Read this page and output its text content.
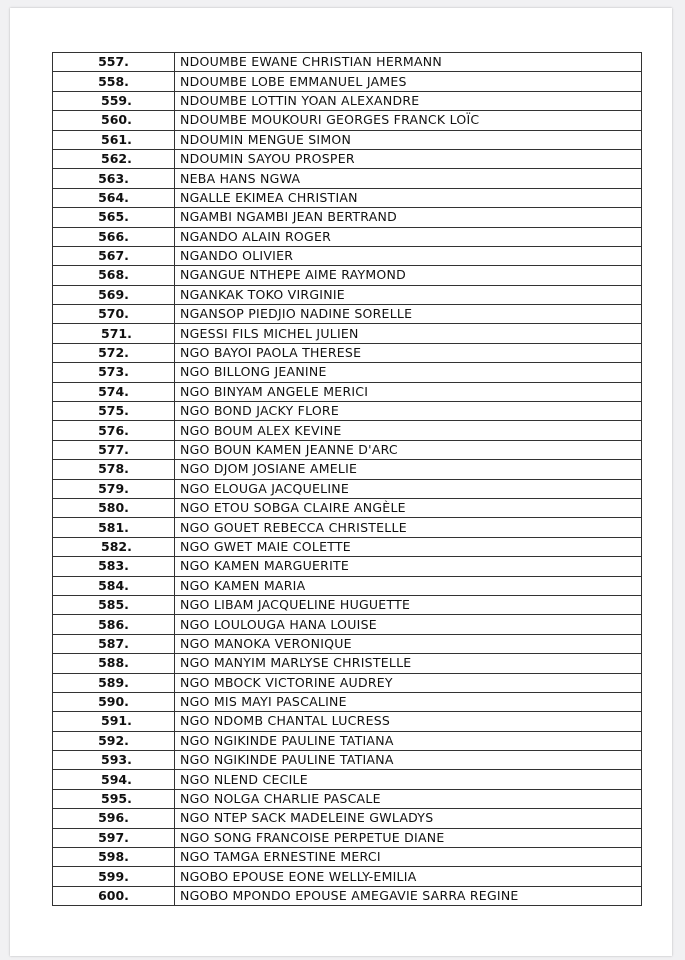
557.	NDOUMBE EWANE CHRISTIAN HERMANN
558.	NDOUMBE LOBE EMMANUEL JAMES
559.	NDOUMBE LOTTIN YOAN ALEXANDRE
560.	NDOUMBE MOUKOURI GEORGES FRANCK LOÏC
561.	NDOUMIN MENGUE SIMON
562.	NDOUMIN SAYOU PROSPER
563.	NEBA HANS NGWA
564.	NGALLE EKIMEA CHRISTIAN
565.	NGAMBI NGAMBI JEAN BERTRAND
566.	NGANDO ALAIN ROGER
567.	NGANDO OLIVIER
568.	NGANGUE NTHEPE AIME RAYMOND
569.	NGANKAK TOKO VIRGINIE
570.	NGANSOP PIEDJIO NADINE SORELLE
571.	NGESSI FILS MICHEL JULIEN
572.	NGO BAYOI PAOLA THERESE
573.	NGO BILLONG JEANINE
574.	NGO BINYAM ANGELE MERICI
575.	NGO BOND JACKY FLORE
576.	NGO BOUM ALEX KEVINE
577.	NGO BOUN KAMEN JEANNE D'ARC
578.	NGO DJOM JOSIANE AMELIE
579.	NGO ELOUGA JACQUELINE
580.	NGO ETOU SOBGA CLAIRE ANGÈLE
581.	NGO GOUET REBECCA CHRISTELLE
582.	NGO GWET MAIE COLETTE
583.	NGO KAMEN MARGUERITE
584.	NGO KAMEN MARIA
585.	NGO LIBAM JACQUELINE HUGUETTE
586.	NGO LOULOUGA HANA LOUISE
587.	NGO MANOKA VERONIQUE
588.	NGO MANYIM MARLYSE CHRISTELLE
589.	NGO MBOCK VICTORINE AUDREY
590.	NGO MIS MAYI PASCALINE
591.	NGO NDOMB CHANTAL LUCRESS
592.	NGO NGIKINDE PAULINE TATIANA
593.	NGO NGIKINDE PAULINE TATIANA
594.	NGO NLEND CECILE
595.	NGO NOLGA CHARLIE PASCALE
596.	NGO NTEP SACK MADELEINE GWLADYS
597.	NGO SONG FRANCOISE PERPETUE DIANE
598.	NGO TAMGA ERNESTINE MERCI
599.	NGOBO EPOUSE EONE WELLY-EMILIA
600.	NGOBO MPONDO EPOUSE AMEGAVIE SARRA REGINE
